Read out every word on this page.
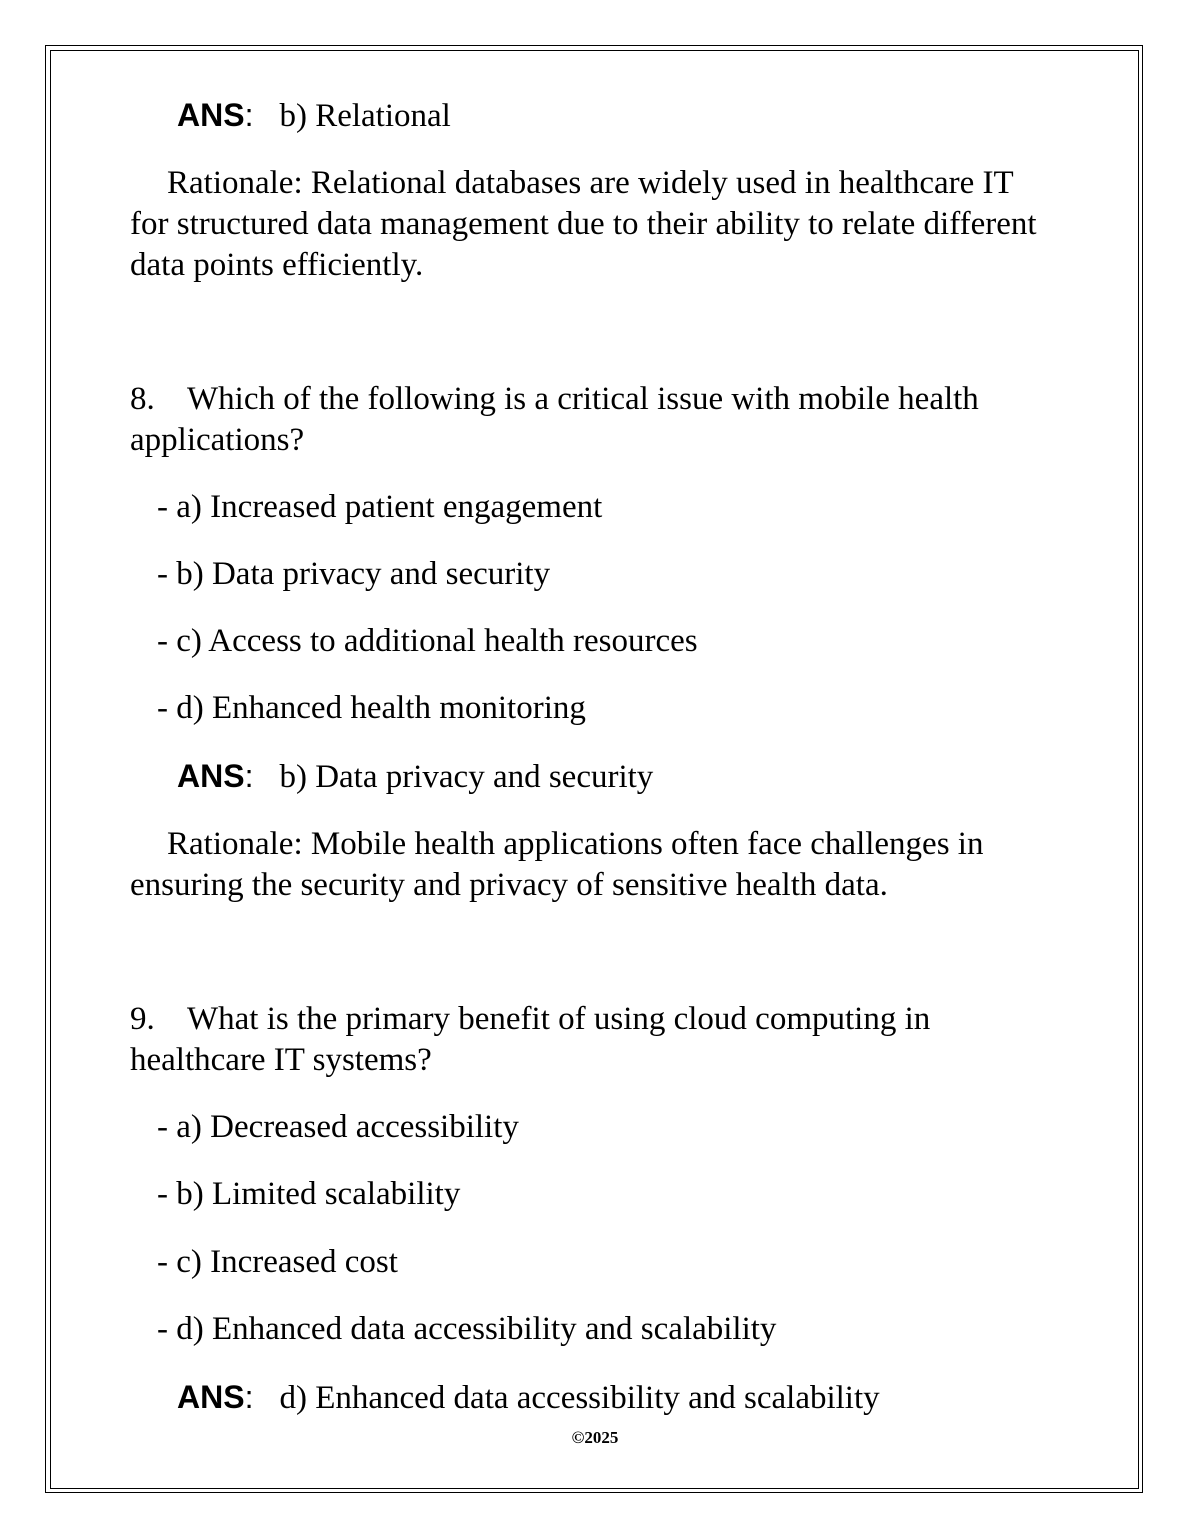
ANS: b) Relational
Rationale: Relational databases are widely used in healthcare IT for structured data management due to their ability to relate different data points efficiently.
8. Which of the following is a critical issue with mobile health applications?
- a) Increased patient engagement
- b) Data privacy and security
- c) Access to additional health resources
- d) Enhanced health monitoring
ANS: b) Data privacy and security
Rationale: Mobile health applications often face challenges in ensuring the security and privacy of sensitive health data.
9. What is the primary benefit of using cloud computing in healthcare IT systems?
- a) Decreased accessibility
- b) Limited scalability
- c) Increased cost
- d) Enhanced data accessibility and scalability
ANS: d) Enhanced data accessibility and scalability
©2025
